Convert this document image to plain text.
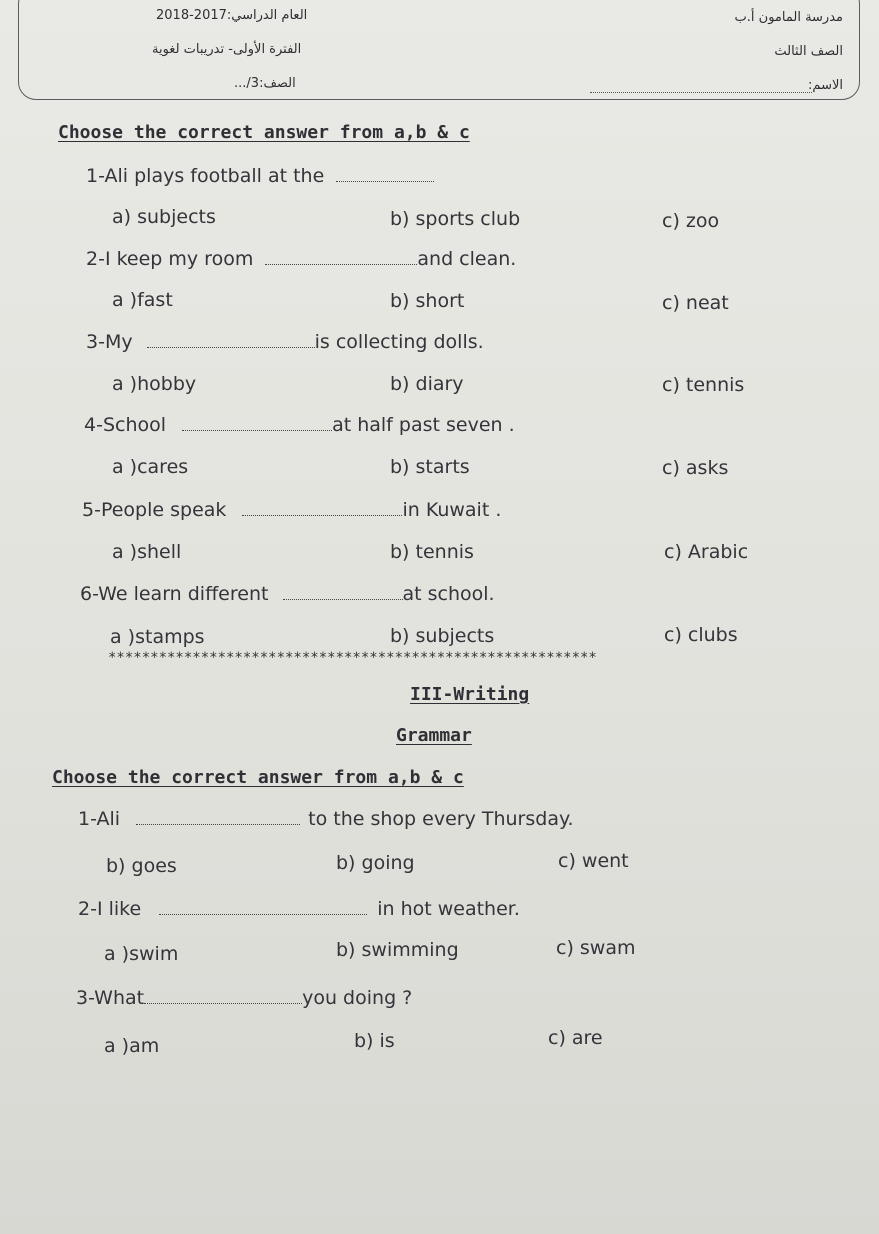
العام الدراسي:2017-2018	مدرسة المامون أ.ب
الفترة الأولى- تدريبات لغوية	الصف الثالث
الصف:3/...	الاسم:
Choose the correct answer from a,b & c
1-Ali plays football at the
a) subjects	b) sports club	c) zoo
2-I keep my room	and clean.
a )fast	b) short	c) neat
3-My	is collecting dolls.
a )hobby	b) diary	c) tennis
4-School	at half past seven .
a )cares	b) starts	c) asks
5-People speak	in Kuwait .
a )shell	b) tennis	c) Arabic
6-We learn different	at school.
a )stamps	b) subjects	c) clubs
**********************************************************
III-Writing
Grammar
Choose the correct answer from a,b & c
1-Ali	to the shop every Thursday.
b) goes	b) going	c) went
2-I like	in hot weather.
a )swim	b) swimming	c) swam
3-What	you doing ?
a )am	b) is	c) are
